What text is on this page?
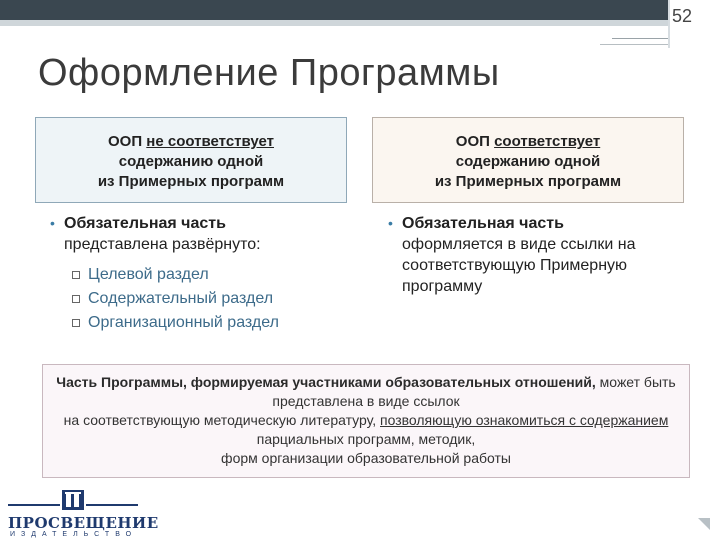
52
Оформление Программы
ООП не соответствует
содержанию одной
из Примерных программ
ООП соответствует
содержанию одной
из Примерных программ
• Обязательная часть
представлена развёрнуто:
Целевой раздел
Содержательный раздел
Организационный раздел
• Обязательная часть
оформляется в виде ссылки на соответствующую Примерную программу
Часть Программы, формируемая участниками образовательных отношений, может быть представлена в виде ссылок
на соответствующую методическую литературу, позволяющую ознакомиться с содержанием парциальных программ, методик,
форм организации образовательной работы
ПРОСВЕЩЕНИЕ
ИЗДАТЕЛЬСТВО
